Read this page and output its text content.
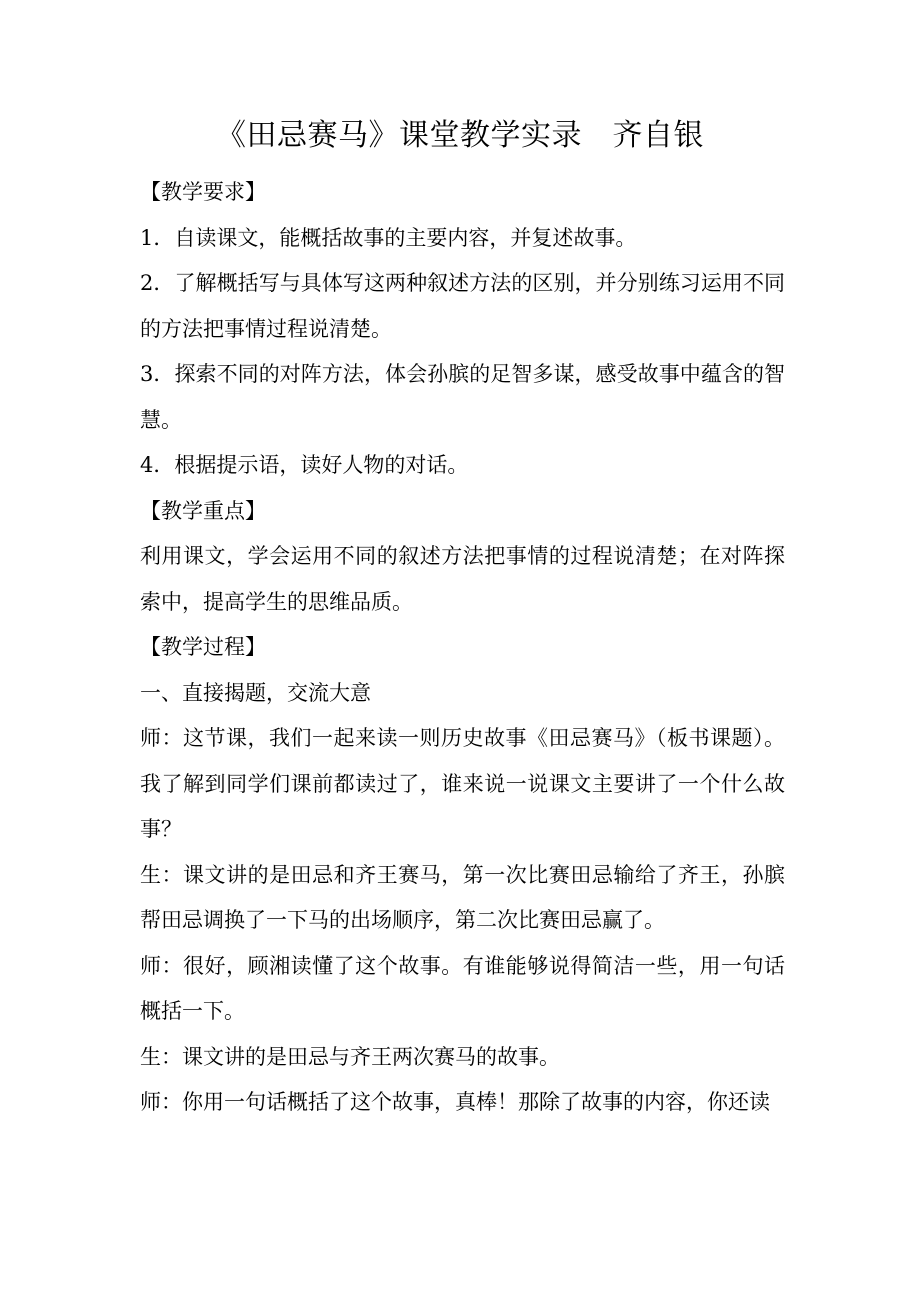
《田忌赛马》课堂教学实录　齐自银

【教学要求】

1．自读课文，能概括故事的主要内容，并复述故事。

2．了解概括写与具体写这两种叙述方法的区别，并分别练习运用不同的方法把事情过程说清楚。

3．探索不同的对阵方法，体会孙膑的足智多谋，感受故事中蕴含的智慧。

4．根据提示语，读好人物的对话。

【教学重点】

利用课文，学会运用不同的叙述方法把事情的过程说清楚；在对阵探索中，提高学生的思维品质。

【教学过程】

一、直接揭题，交流大意

师：这节课，我们一起来读一则历史故事《田忌赛马》（板书课题）。我了解到同学们课前都读过了，谁来说一说课文主要讲了一个什么故事？

生：课文讲的是田忌和齐王赛马，第一次比赛田忌输给了齐王，孙膑帮田忌调换了一下马的出场顺序，第二次比赛田忌赢了。

师：很好，顾湘读懂了这个故事。有谁能够说得简洁一些，用一句话概括一下。

生：课文讲的是田忌与齐王两次赛马的故事。

师：你用一句话概括了这个故事，真棒！那除了故事的内容，你还读
